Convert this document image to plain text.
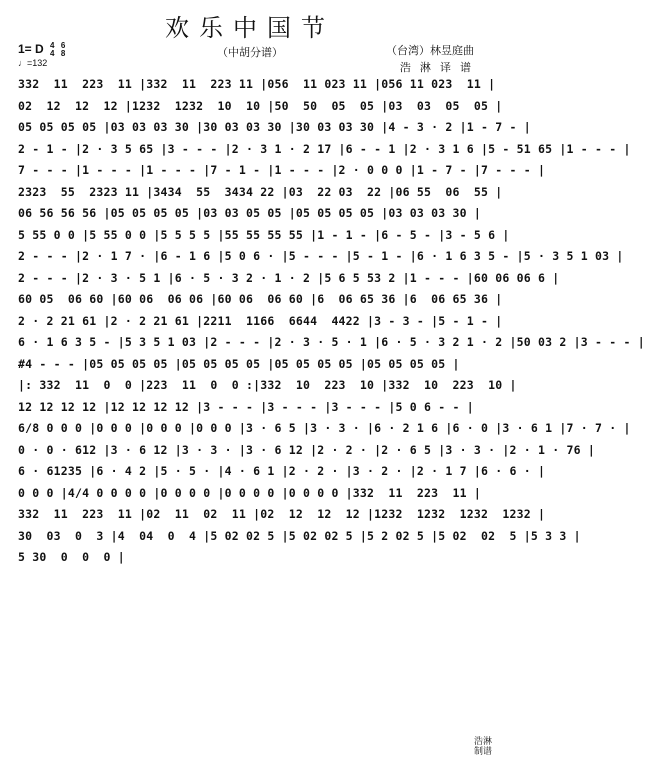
欢乐中国节
（中胡分谱）
1= D 4
4

6
8
♩=132
（台湾）林昱庭曲
浩 淋 译 谱
332  11  223  11 |332  11  223 11 |056  11 023 11 |056 11 023  11 |
02  12  12  12 |1232  1232  10  10 |50  50  05  05 |03  03  05  05 |
05 05 05 05 |03 03 03 30 |30 03 03 30 |30 03 03 30 |4 - 3 · 2 |1 - 7 - |
2 - 1 - |2 · 3 5 65 |3 - - - |2 · 3 1 · 2 17 |6 - - 1 |2 · 3 1 6 |5 - 51 65 |1 - - - |
7 - - - |1 - - - |1 - - - |7 - 1 - |1 - - - |2 · 0 0 0 |1 - 7 - |7 - - - |
2323  55  2323 11 |3434  55  3434 22 |03  22 03  22 |06 55  06  55 |
06 56 56 56 |05 05 05 05 |03 03 05 05 |05 05 05 05 |03 03 03 30 |
5 55 0 0 |5 55 0 0 |5 5 5 5 |55 55 55 55 |1 - 1 - |6 - 5 - |3 - 5 6 |
2 - - - |2 · 1 7 · |6 - 1 6 |5 0 6 · |5 - - - |5 - 1 - |6 · 1 6 3 5 - |5 · 3 5 1 03 |
2 - - - |2 · 3 · 5 1 |6 · 5 · 3 2 · 1 · 2 |5 6 5 53 2 |1 - - - |60 06 06 6 |
60 05  06 60 |60 06  06 06 |60 06  06 60 |6  06 65 36 |6  06 65 36 |
2 · 2 21 61 |2 · 2 21 61 |2211  1166  6644  4422 |3 - 3 - |5 - 1 - |
6 · 1 6 3 5 - |5 3 5 1 03 |2 - - - |2 · 3 · 5 · 1 |6 · 5 · 3 2 1 · 2 |50 03 2 |3 - - - |
#4 - - - |05 05 05 05 |05 05 05 05 |05 05 05 05 |05 05 05 05 |
|: 332  11  0  0 |223  11  0  0 :|332  10  223  10 |332  10  223  10 |
12 12 12 12 |12 12 12 12 |3 - - - |3 - - - |3 - - - |5 0 6 - - |
6/8 0 0 0 |0 0 0 |0 0 0 |0 0 0 |3 · 6 5 |3 · 3 · |6 · 2 1 6 |6 · 0 |3 · 6 1 |7 · 7 · |
0 · 0 · 612 |3 · 6 12 |3 · 3 · |3 · 6 12 |2 · 2 · |2 · 6 5 |3 · 3 · |2 · 1 · 76 |
6 · 61235 |6 · 4 2 |5 · 5 · |4 · 6 1 |2 · 2 · |3 · 2 · |2 · 1 7 |6 · 6 · |
0 0 0 |4/4 0 0 0 0 |0 0 0 0 |0 0 0 0 |0 0 0 0 |332  11  223  11 |
332  11  223  11 |02  11  02  11 |02  12  12  12 |1232  1232  1232  1232 |
30  03  0  3 |4  04  0  4 |5 02 02 5 |5 02 02 5 |5 2 02 5 |5 02  02  5 |5 3 3 |
5 30  0  0  0 |
浩淋
制谱
